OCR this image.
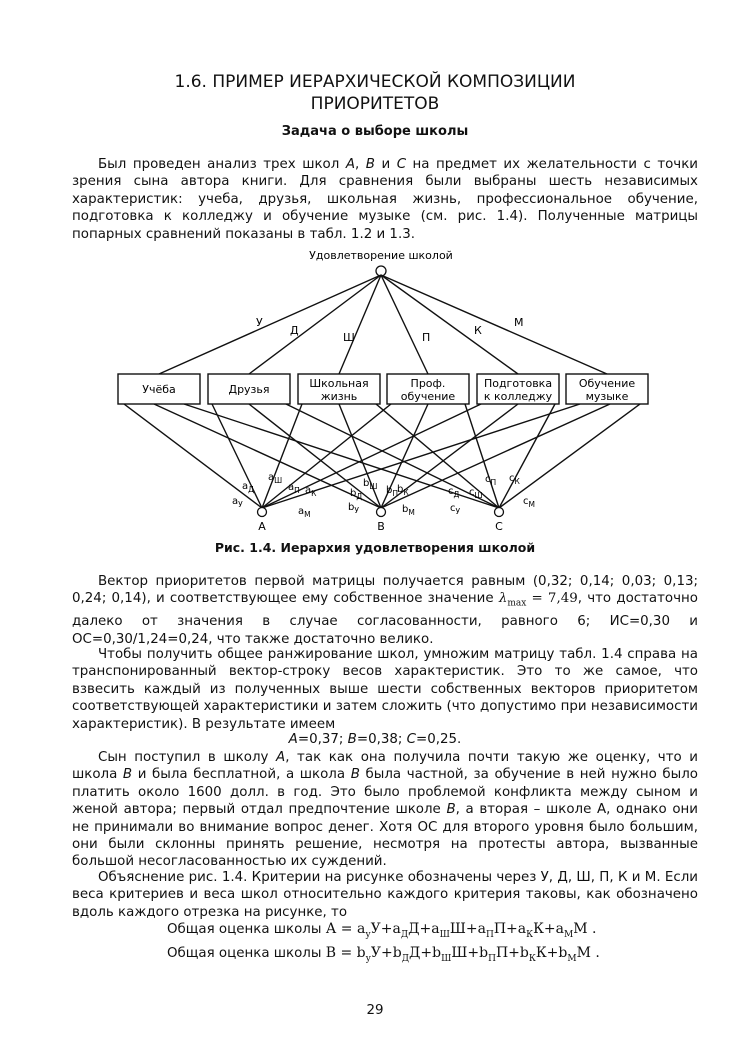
1.6. ПРИМЕР ИЕРАРХИЧЕСКОЙ КОМПОЗИЦИИ
ПРИОРИТЕТОВ
Задача о выборе школы

Был проведен анализ трех школ А, В и С на предмет их желательности с точки зрения сына автора книги. Для сравнения были выбраны шесть независимых характеристик: учеба, друзья, школьная жизнь, профессиональное обучение, подготовка к колледжу и обучение музыке (см. рис. 1.4). Полученные матрицы попарных сравнений показаны в табл. 1.2 и 1.3.

Удовлетворение школой
У
Д
Ш	П
К
М
Учёба	Друзья	Школьная
жизнь
Проф.
обучение
Подготовка
к колледжу
Обучение
музыке
А	В	С
$a_Д$
$a_У$
$a_Ш$
$a_П$ $a_К$
$a_М$
$b_Ш$
$b_Д$
$b_П$ $b_К$
$b_У$	$b_М$
$c_П$ $c_К$
$c_Д$ $c_Ш$
$c_У$
$c_М$
Рис. 1.4. Иерархия удовлетворения школой

Вектор приоритетов первой матрицы получается равным (0,32; 0,14; 0,03; 0,13; 0,24; 0,14), и соответствующее ему собственное значение $\lambda_{max} = 7,49$, что достаточно далеко от значения в случае согласованности, равного 6; ИС=0,30 и ОС=0,30/1,24=0,24, что также достаточно велико.

Чтобы получить общее ранжирование школ, умножим матрицу табл. 1.4 справа на транспонированный вектор-строку весов характеристик. Это то же самое, что взвесить каждый из полученных выше шести собственных векторов приоритетом соответствующей характеристики и затем сложить (что допустимо при независимости характеристик). В результате имеем

А=0,37; В=0,38; С=0,25.

Сын поступил в школу А, так как она получила почти такую же оценку, что и школа В и была бесплатной, а школа В была частной, за обучение в ней нужно было платить около 1600 долл. в год. Это было проблемой конфликта между сыном и женой автора; первый отдал предпочтение школе В, а вторая – школе А, однако они не принимали во внимание вопрос денег. Хотя ОС для второго уровня было большим, они были склонны принять решение, несмотря на протесты автора, вызванные большой несогласованностью их суждений.

Объяснение рис. 1.4. Критерии на рисунке обозначены через У, Д, Ш, П, К и М. Если веса критериев и веса школ относительно каждого критерия таковы, как обозначено вдоль каждого отрезка на рисунке, то

Общая оценка школы $А = a_уУ+a_ДД+a_ШШ+a_ПП+a_КК+a_ММ$ .
Общая оценка школы $В = b_уУ+b_ДД+b_ШШ+b_ПП+b_КК+b_ММ$ .
29
